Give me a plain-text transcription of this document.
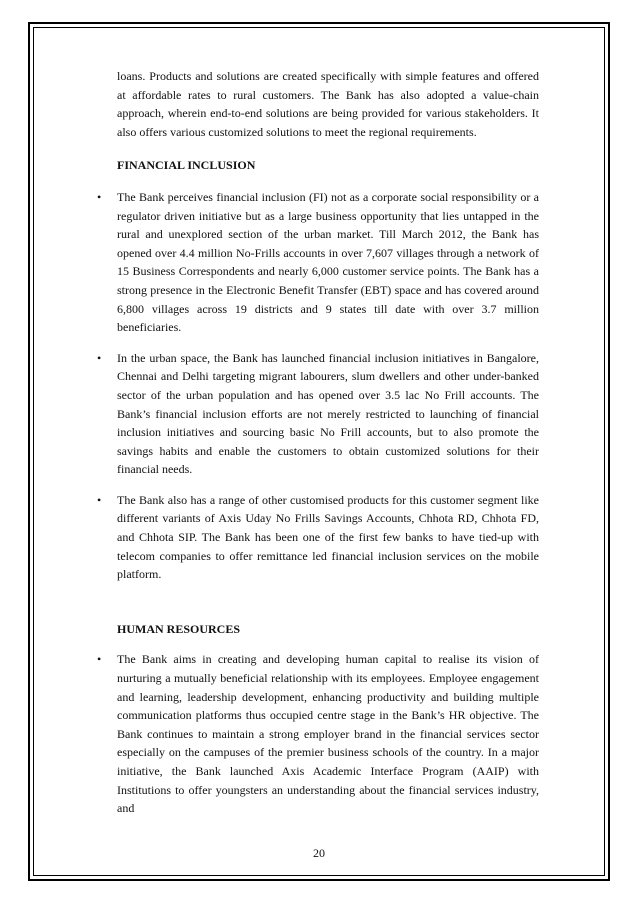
loans. Products and solutions are created specifically with simple features and offered at affordable rates to rural customers. The Bank has also adopted a value-chain approach, wherein end-to-end solutions are being provided for various stakeholders. It also offers various customized solutions to meet the regional requirements.

FINANCIAL INCLUSION
• The Bank perceives financial inclusion (FI) not as a corporate social responsibility or a regulator driven initiative but as a large business opportunity that lies untapped in the rural and unexplored section of the urban market. Till March 2012, the Bank has opened over 4.4 million No-Frills accounts in over 7,607 villages through a network of 15 Business Correspondents and nearly 6,000 customer service points. The Bank has a strong presence in the Electronic Benefit Transfer (EBT) space and has covered around 6,800 villages across 19 districts and 9 states till date with over 3.7 million beneficiaries.

• In the urban space, the Bank has launched financial inclusion initiatives in Bangalore, Chennai and Delhi targeting migrant labourers, slum dwellers and other under-banked sector of the urban population and has opened over 3.5 lac No Frill accounts. The Bank’s financial inclusion efforts are not merely restricted to launching of financial inclusion initiatives and sourcing basic No Frill accounts, but to also promote the savings habits and enable the customers to obtain customized solutions for their financial needs.

• The Bank also has a range of other customised products for this customer segment like different variants of Axis Uday No Frills Savings Accounts, Chhota RD, Chhota FD, and Chhota SIP. The Bank has been one of the first few banks to have tied-up with telecom companies to offer remittance led financial inclusion services on the mobile platform.

HUMAN RESOURCES
• The Bank aims in creating and developing human capital to realise its vision of nurturing a mutually beneficial relationship with its employees. Employee engagement and learning, leadership development, enhancing productivity and building multiple communication platforms thus occupied centre stage in the Bank’s HR objective. The Bank continues to maintain a strong employer brand in the financial services sector especially on the campuses of the premier business schools of the country. In a major initiative, the Bank launched Axis Academic Interface Program (AAIP) with Institutions to offer youngsters an understanding about the financial services industry, and

20
